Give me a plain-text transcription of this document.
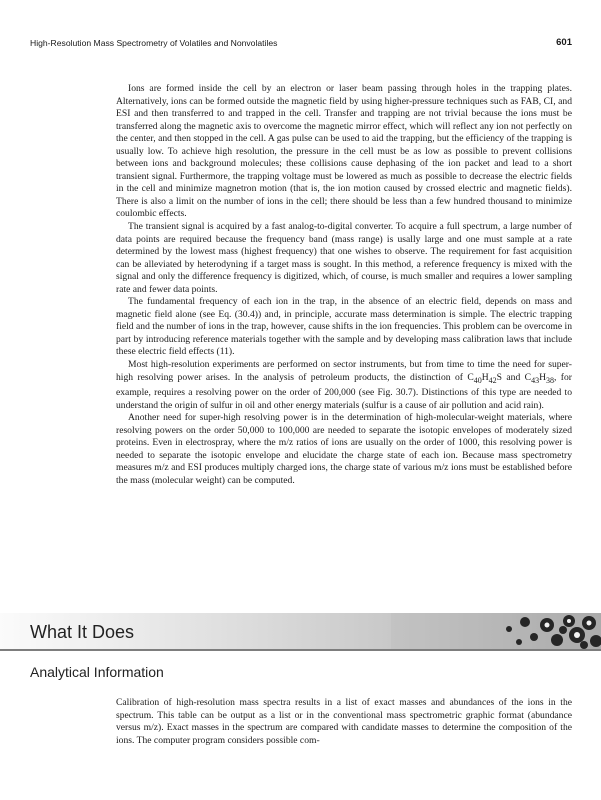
High-Resolution Mass Spectrometry of Volatiles and Nonvolatiles	601

Ions are formed inside the cell by an electron or laser beam passing through holes in the trapping plates. Alternatively, ions can be formed outside the magnetic field by using higher-pressure techniques such as FAB, CI, and ESI and then transferred to and trapped in the cell. Transfer and trapping are not trivial because the ions must be transferred along the magnetic axis to overcome the magnetic mirror effect, which will reflect any ion not perfectly on the center, and then stopped in the cell. A gas pulse can be used to aid the trapping, but the efficiency of the trapping is usually low. To achieve high resolution, the pressure in the cell must be as low as possible to prevent collisions between ions and background molecules; these collisions cause dephasing of the ion packet and lead to a short transient signal. Furthermore, the trapping voltage must be lowered as much as possible to decrease the electric fields in the cell and minimize magnetron motion (that is, the ion motion caused by crossed electric and magnetic fields). There is also a limit on the number of ions in the cell; there should be less than a few hundred thousand to minimize coulombic effects.

The transient signal is acquired by a fast analog-to-digital converter. To acquire a full spectrum, a large number of data points are required because the frequency band (mass range) is usally large and one must sample at a rate determined by the lowest mass (highest frequency) that one wishes to observe. The requirement for fast acquisition can be alleviated by heterodyning if a target mass is sought. In this method, a reference frequency is mixed with the signal and only the difference frequency is digitized, which, of course, is much smaller and requires a lower sampling rate and fewer data points.

The fundamental frequency of each ion in the trap, in the absence of an electric field, depends on mass and magnetic field alone (see Eq. (30.4)) and, in principle, accurate mass determination is simple. The electric trapping field and the number of ions in the trap, however, cause shifts in the ion frequencies. This problem can be overcome in part by introducing reference materials together with the sample and by developing mass calibration laws that include these electric field effects (11).

Most high-resolution experiments are performed on sector instruments, but from time to time the need for super-high resolving power arises. In the analysis of petroleum products, the distinction of $C_{40}H_{42}S$ and $C_{43}H_{38}$, for example, requires a resolving power on the order of 200,000 (see Fig. 30.7). Distinctions of this type are needed to understand the origin of sulfur in oil and other energy materials (sulfur is a cause of air pollution and acid rain).

Another need for super-high resolving power is in the determination of high-molecular-weight materials, where resolving powers on the order 50,000 to 100,000 are needed to separate the isotopic envelopes of moderately sized proteins. Even in electrospray, where the m/z ratios of ions are usually on the order of 1000, this resolving power is needed to separate the isotopic envelope and elucidate the charge state of each ion. Because mass spectrometry measures m/z and ESI produces multiply charged ions, the charge state of various m/z ions must be established before the mass (molecular weight) can be computed.

What It Does
Analytical Information

Calibration of high-resolution mass spectra results in a list of exact masses and abundances of the ions in the spectrum. This table can be output as a list or in the conventional mass spectrometric graphic format (abundance versus m/z). Exact masses in the spectrum are compared with candidate masses to determine the composition of the ions. The computer program considers possible com-
